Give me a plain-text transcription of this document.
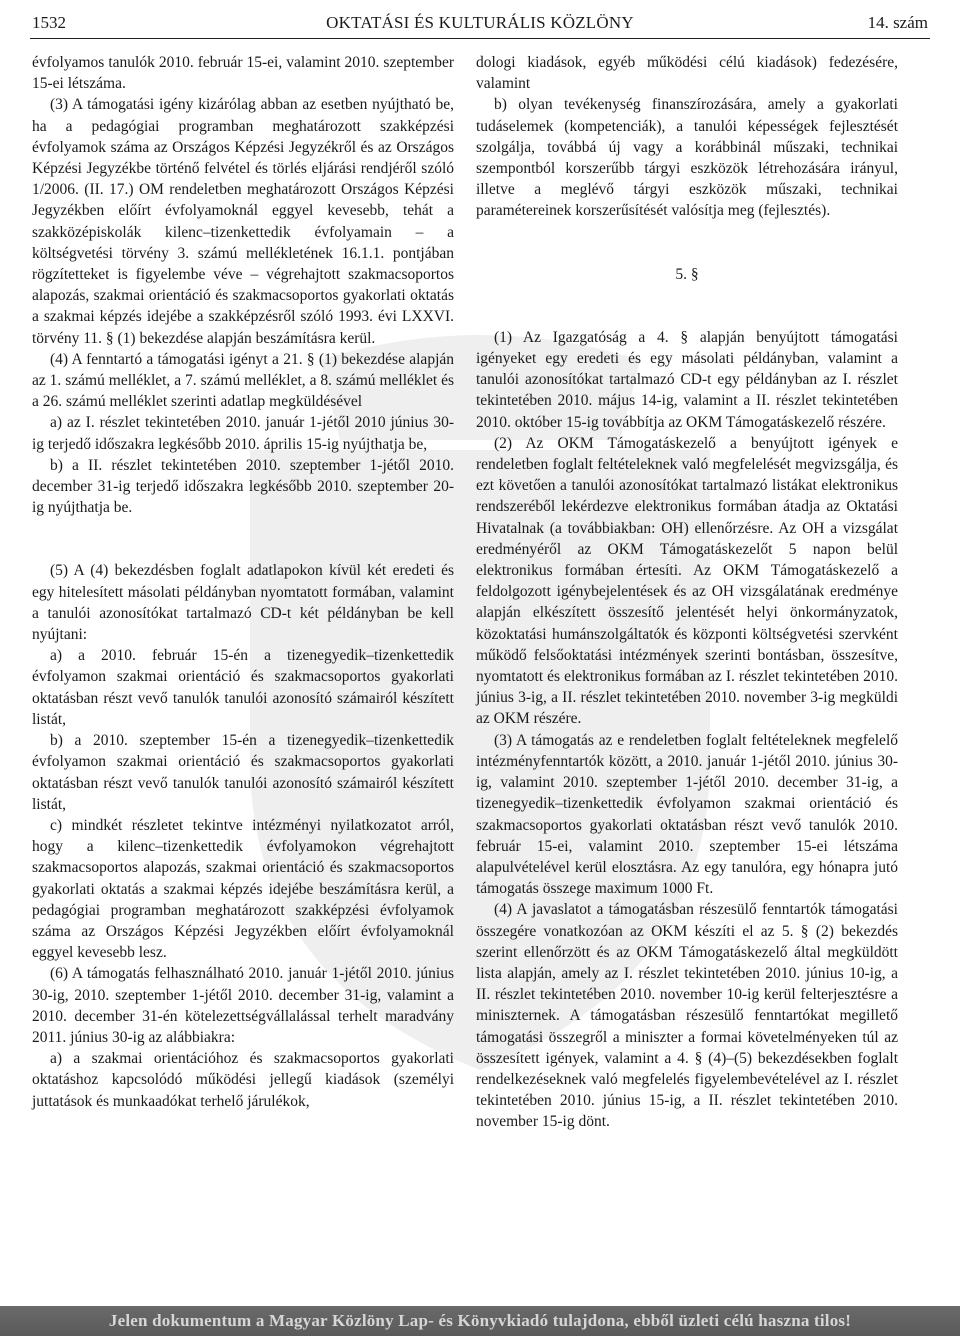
1532	OKTATÁSI ÉS KULTURÁLIS KÖZLÖNY	14. szám

évfolyamos tanulók 2010. február 15-ei, valamint 2010. szeptember 15-ei létszáma.

(3) A támogatási igény kizárólag abban az esetben nyújtható be, ha a pedagógiai programban meghatározott szakképzési évfolyamok száma az Országos Képzési Jegyzékről és az Országos Képzési Jegyzékbe történő felvétel és törlés eljárási rendjéről szóló 1/2006. (II. 17.) OM rendeletben meghatározott Országos Képzési Jegyzékben előírt évfolyamoknál eggyel kevesebb, tehát a szakközépiskolák kilenc–tizenkettedik évfolyamain – a költségvetési törvény 3. számú mellékletének 16.1.1. pontjában rögzítetteket is figyelembe véve – végrehajtott szakmacsoportos alapozás, szakmai orientáció és szakmacsoportos gyakorlati oktatás a szakmai képzés idejébe a szakképzésről szóló 1993. évi LXXVI. törvény 11. § (1) bekezdése alapján beszámításra kerül.

(4) A fenntartó a támogatási igényt a 21. § (1) bekezdése alapján az 1. számú melléklet, a 7. számú melléklet, a 8. számú melléklet és a 26. számú melléklet szerinti adatlap megküldésével

a) az I. részlet tekintetében 2010. január 1-jétől 2010 június 30-ig terjedő időszakra legkésőbb 2010. április 15-ig nyújthatja be,

b) a II. részlet tekintetében 2010. szeptember 1-jétől 2010. december 31-ig terjedő időszakra legkésőbb 2010. szeptember 20-ig nyújthatja be.

(5) A (4) bekezdésben foglalt adatlapokon kívül két eredeti és egy hitelesített másolati példányban nyomtatott formában, valamint a tanulói azonosítókat tartalmazó CD-t két példányban be kell nyújtani:

a) a 2010. február 15-én a tizenegyedik–tizenkettedik évfolyamon szakmai orientáció és szakmacsoportos gyakorlati oktatásban részt vevő tanulók tanulói azonosító számairól készített listát,

b) a 2010. szeptember 15-én a tizenegyedik–tizenkettedik évfolyamon szakmai orientáció és szakmacsoportos gyakorlati oktatásban részt vevő tanulók tanulói azonosító számairól készített listát,

c) mindkét részletet tekintve intézményi nyilatkozatot arról, hogy a kilenc–tizenkettedik évfolyamokon végrehajtott szakmacsoportos alapozás, szakmai orientáció és szakmacsoportos gyakorlati oktatás a szakmai képzés idejébe beszámításra kerül, a pedagógiai programban meghatározott szakképzési évfolyamok száma az Országos Képzési Jegyzékben előírt évfolyamoknál eggyel kevesebb lesz.

(6) A támogatás felhasználható 2010. január 1-jétől 2010. június 30-ig, 2010. szeptember 1-jétől 2010. december 31-ig, valamint a 2010. december 31-én kötelezettségvállalással terhelt maradvány 2011. június 30-ig az alábbiakra:

a) a szakmai orientációhoz és szakmacsoportos gyakorlati oktatáshoz kapcsolódó működési jellegű kiadások (személyi juttatások és munkaadókat terhelő járulékok,

dologi kiadások, egyéb működési célú kiadások) fedezésére, valamint

b) olyan tevékenység finanszírozására, amely a gyakorlati tudáselemek (kompetenciák), a tanulói képességek fejlesztését szolgálja, továbbá új vagy a korábbinál műszaki, technikai szempontból korszerűbb tárgyi eszközök létrehozására irányul, illetve a meglévő tárgyi eszközök műszaki, technikai paramétereinek korszerűsítését valósítja meg (fejlesztés).

5. §

(1) Az Igazgatóság a 4. § alapján benyújtott támogatási igényeket egy eredeti és egy másolati példányban, valamint a tanulói azonosítókat tartalmazó CD-t egy példányban az I. részlet tekintetében 2010. május 14-ig, valamint a II. részlet tekintetében 2010. október 15-ig továbbítja az OKM Támogatáskezelő részére.

(2) Az OKM Támogatáskezelő a benyújtott igények e rendeletben foglalt feltételeknek való megfelelését megvizsgálja, és ezt követően a tanulói azonosítókat tartalmazó listákat elektronikus rendszeréből lekérdezve elektronikus formában átadja az Oktatási Hivatalnak (a továbbiakban: OH) ellenőrzésre. Az OH a vizsgálat eredményéről az OKM Támogatáskezelőt 5 napon belül elektronikus formában értesíti. Az OKM Támogatáskezelő a feldolgozott igénybejelentések és az OH vizsgálatának eredménye alapján elkészített összesítő jelentését helyi önkormányzatok, közoktatási humánszolgáltatók és központi költségvetési szervként működő felsőoktatási intézmények szerinti bontásban, összesítve, nyomtatott és elektronikus formában az I. részlet tekintetében 2010. június 3-ig, a II. részlet tekintetében 2010. november 3-ig megküldi az OKM részére.

(3) A támogatás az e rendeletben foglalt feltételeknek megfelelő intézményfenntartók között, a 2010. január 1-jétől 2010. június 30-ig, valamint 2010. szeptember 1-jétől 2010. december 31-ig, a tizenegyedik–tizenkettedik évfolyamon szakmai orientáció és szakmacsoportos gyakorlati oktatásban részt vevő tanulók 2010. február 15-ei, valamint 2010. szeptember 15-ei létszáma alapulvételével kerül elosztásra. Az egy tanulóra, egy hónapra jutó támogatás összege maximum 1000 Ft.

(4) A javaslatot a támogatásban részesülő fenntartók támogatási összegére vonatkozóan az OKM készíti el az 5. § (2) bekezdés szerint ellenőrzött és az OKM Támogatáskezelő által megküldött lista alapján, amely az I. részlet tekintetében 2010. június 10-ig, a II. részlet tekintetében 2010. november 10-ig kerül felterjesztésre a miniszternek. A támogatásban részesülő fenntartókat megillető támogatási összegről a miniszter a formai követelményeken túl az összesített igények, valamint a 4. § (4)–(5) bekezdésekben foglalt rendelkezéseknek való megfelelés figyelembevételével az I. részlet tekintetében 2010. június 15-ig, a II. részlet tekintetében 2010. november 15-ig dönt.

Jelen dokumentum a Magyar Közlöny Lap- és Könyvkiadó tulajdona, ebből üzleti célú haszna tilos!
